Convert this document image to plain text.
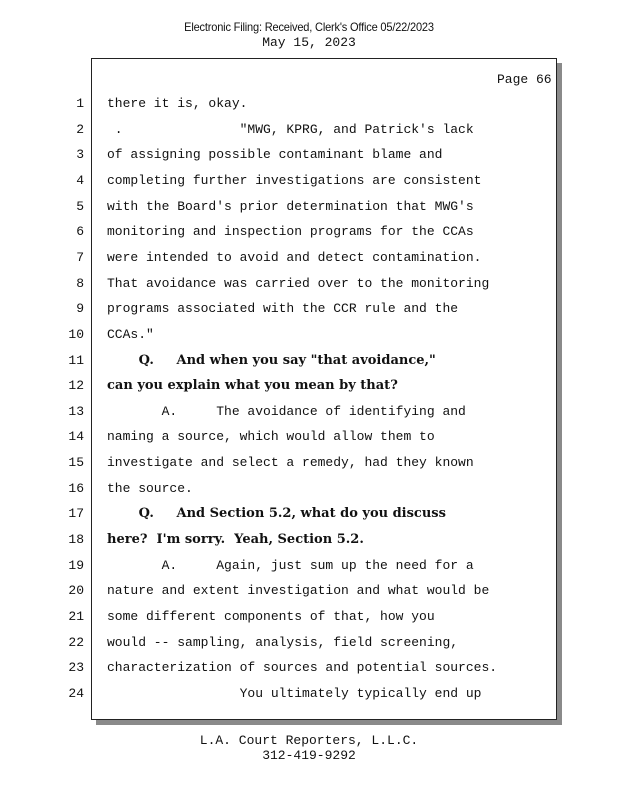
Electronic Filing: Received, Clerk's Office 05/22/2023
May 15, 2023
Page 66
1 there it is, okay.
2 .               "MWG, KPRG, and Patrick's lack
3 of assigning possible contaminant blame and
4 completing further investigations are consistent
5 with the Board's prior determination that MWG's
6 monitoring and inspection programs for the CCAs
7 were intended to avoid and detect contamination.
8 That avoidance was carried over to the monitoring
9 programs associated with the CCR rule and the
10 CCAs."
11 Q.     And when you say "that avoidance,"
12 can you explain what you mean by that?
13 A.     The avoidance of identifying and
14 naming a source, which would allow them to
15 investigate and select a remedy, had they known
16 the source.
17 Q.     And Section 5.2, what do you discuss
18 here?  I'm sorry.  Yeah, Section 5.2.
19 A.     Again, just sum up the need for a
20 nature and extent investigation and what would be
21 some different components of that, how you
22 would -- sampling, analysis, field screening,
23 characterization of sources and potential sources.
24 You ultimately typically end up
L.A. Court Reporters, L.L.C.
312-419-9292
